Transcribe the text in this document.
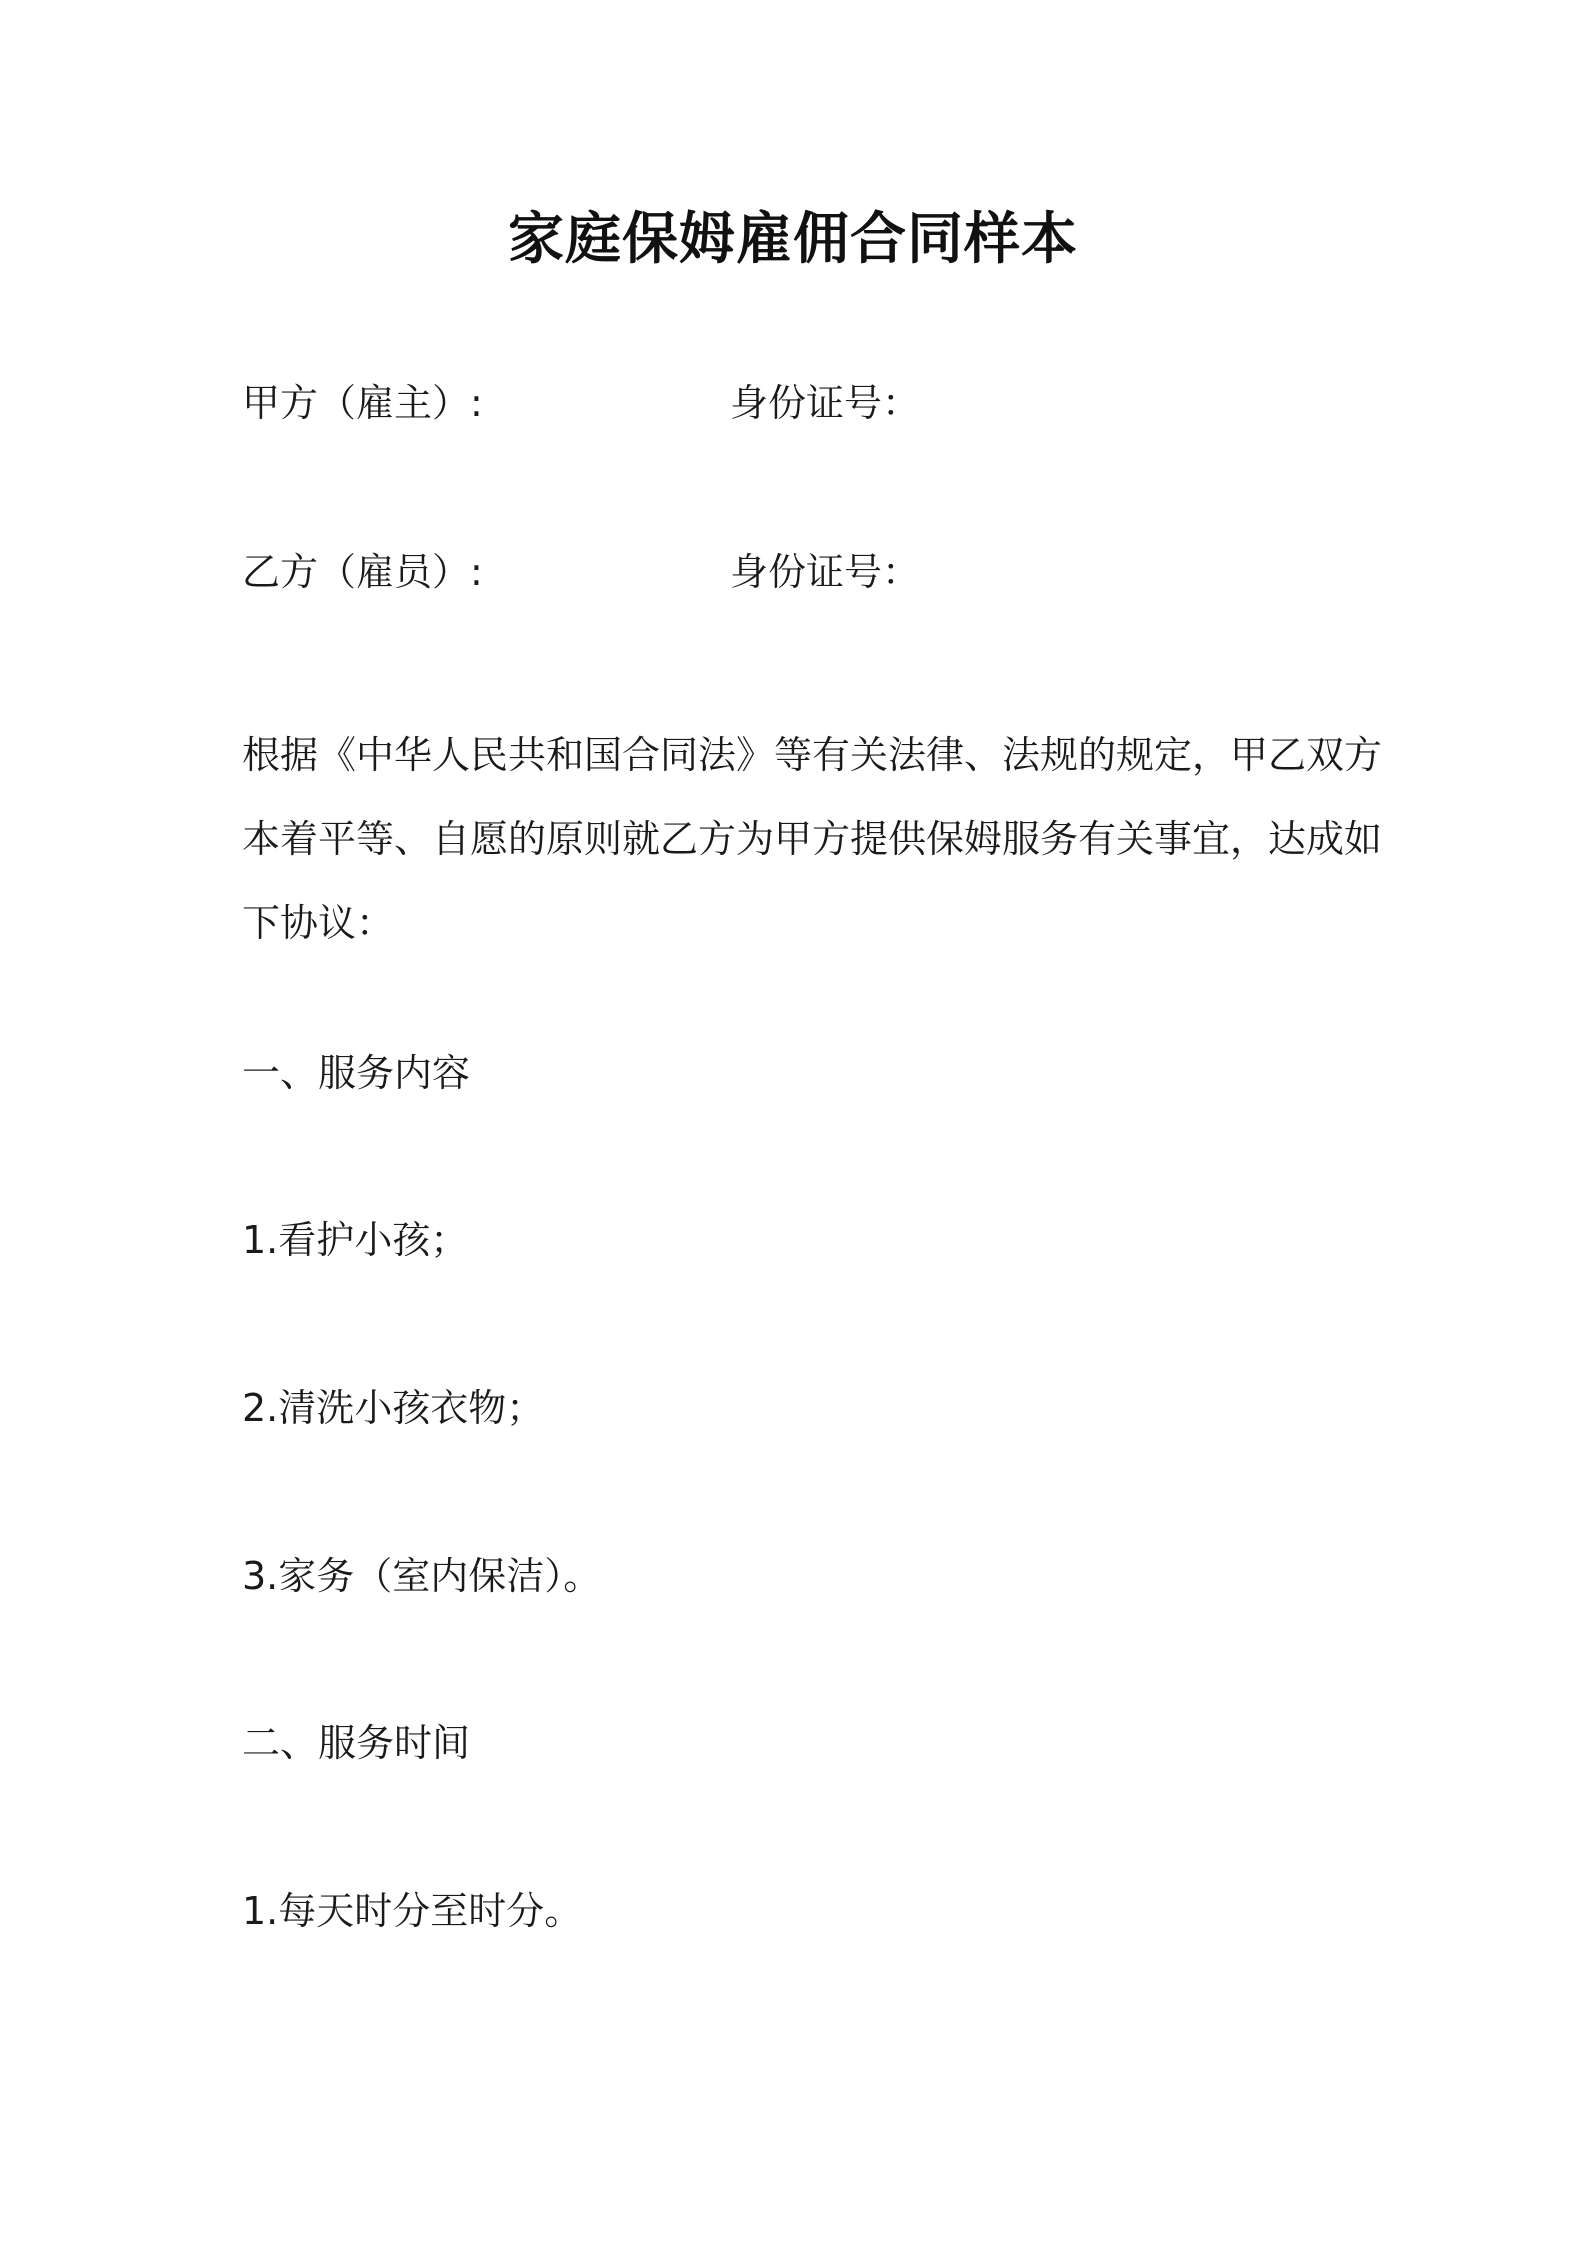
家庭保姆雇佣合同样本
甲方（雇主）:	身份证号：
乙方（雇员）:	身份证号：
根据《中华人民共和国合同法》等有关法律、法规的规定，甲乙双方
本着平等、自愿的原则就乙方为甲方提供保姆服务有关事宜，达成如
下协议：
一、服务内容
1.看护小孩；
2.清洗小孩衣物；
3.家务（室内保洁）。
二、服务时间
1.每天时分至时分。
